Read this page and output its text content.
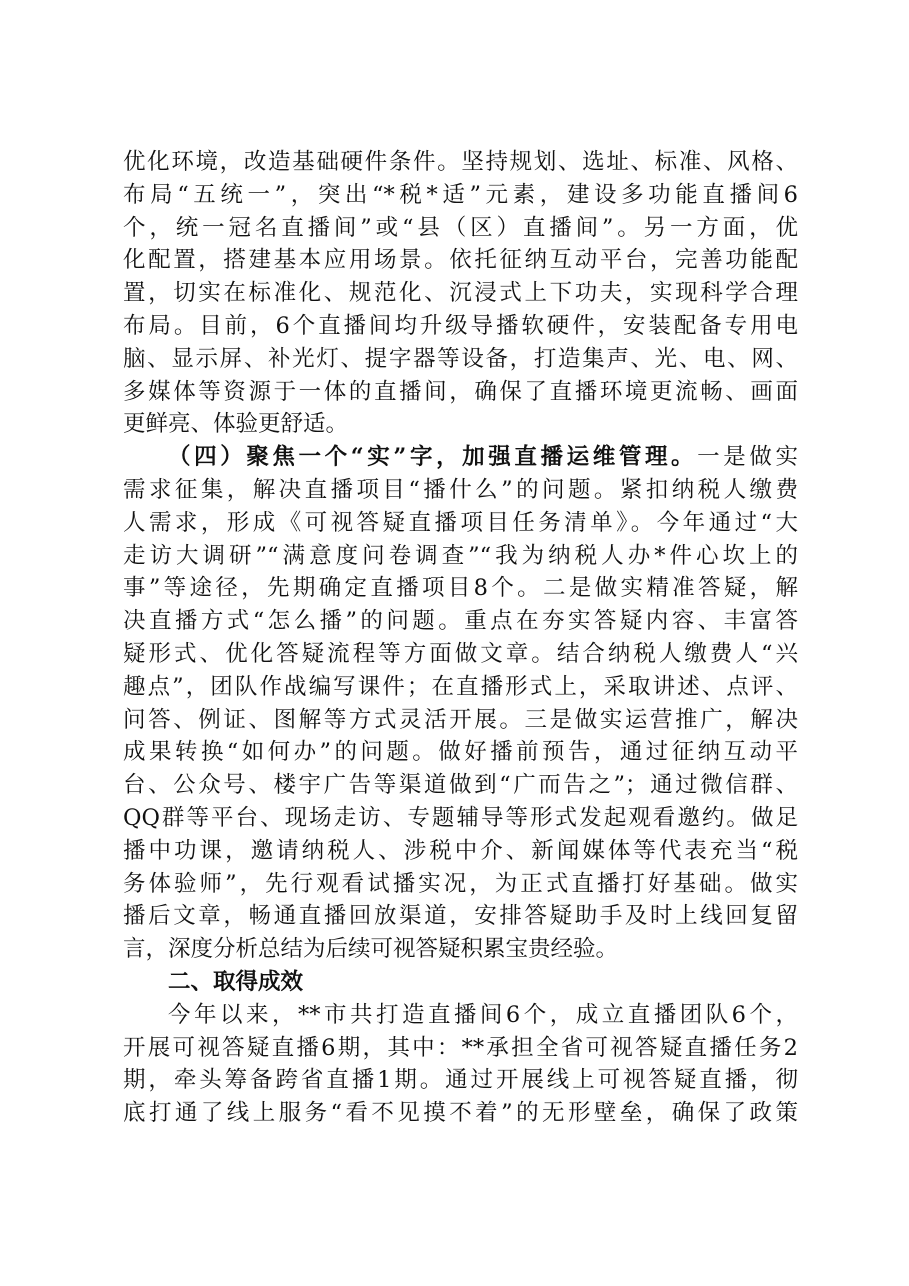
优化环境，改造基础硬件条件。坚持规划、选址、标准、风格、
布局“五统一”，突出“*税*适”元素，建设多功能直播间6
个，统一冠名直播间”或“县（区）直播间”。另一方面，优
化配置，搭建基本应用场景。依托征纳互动平台，完善功能配
置，切实在标准化、规范化、沉浸式上下功夫，实现科学合理
布局。目前，6个直播间均升级导播软硬件，安装配备专用电
脑、显示屏、补光灯、提字器等设备，打造集声、光、电、网、
多媒体等资源于一体的直播间，确保了直播环境更流畅、画面
更鲜亮、体验更舒适。
（四）聚焦一个“实”字，加强直播运维管理。一是做实
需求征集，解决直播项目“播什么”的问题。紧扣纳税人缴费
人需求，形成《可视答疑直播项目任务清单》。今年通过“大
走访大调研”“满意度问卷调查”“我为纳税人办*件心坎上的
事”等途径，先期确定直播项目8个。二是做实精准答疑，解
决直播方式“怎么播”的问题。重点在夯实答疑内容、丰富答
疑形式、优化答疑流程等方面做文章。结合纳税人缴费人“兴
趣点”，团队作战编写课件；在直播形式上，采取讲述、点评、
问答、例证、图解等方式灵活开展。三是做实运营推广，解决
成果转换“如何办”的问题。做好播前预告，通过征纳互动平
台、公众号、楼宇广告等渠道做到“广而告之”；通过微信群、
QQ群等平台、现场走访、专题辅导等形式发起观看邀约。做足
播中功课，邀请纳税人、涉税中介、新闻媒体等代表充当“税
务体验师”，先行观看试播实况，为正式直播打好基础。做实
播后文章，畅通直播回放渠道，安排答疑助手及时上线回复留
言，深度分析总结为后续可视答疑积累宝贵经验。
二、取得成效
今年以来，**市共打造直播间6个，成立直播团队6个，
开展可视答疑直播6期，其中：**承担全省可视答疑直播任务2
期，牵头筹备跨省直播1期。通过开展线上可视答疑直播，彻
底打通了线上服务“看不见摸不着”的无形壁垒，确保了政策
